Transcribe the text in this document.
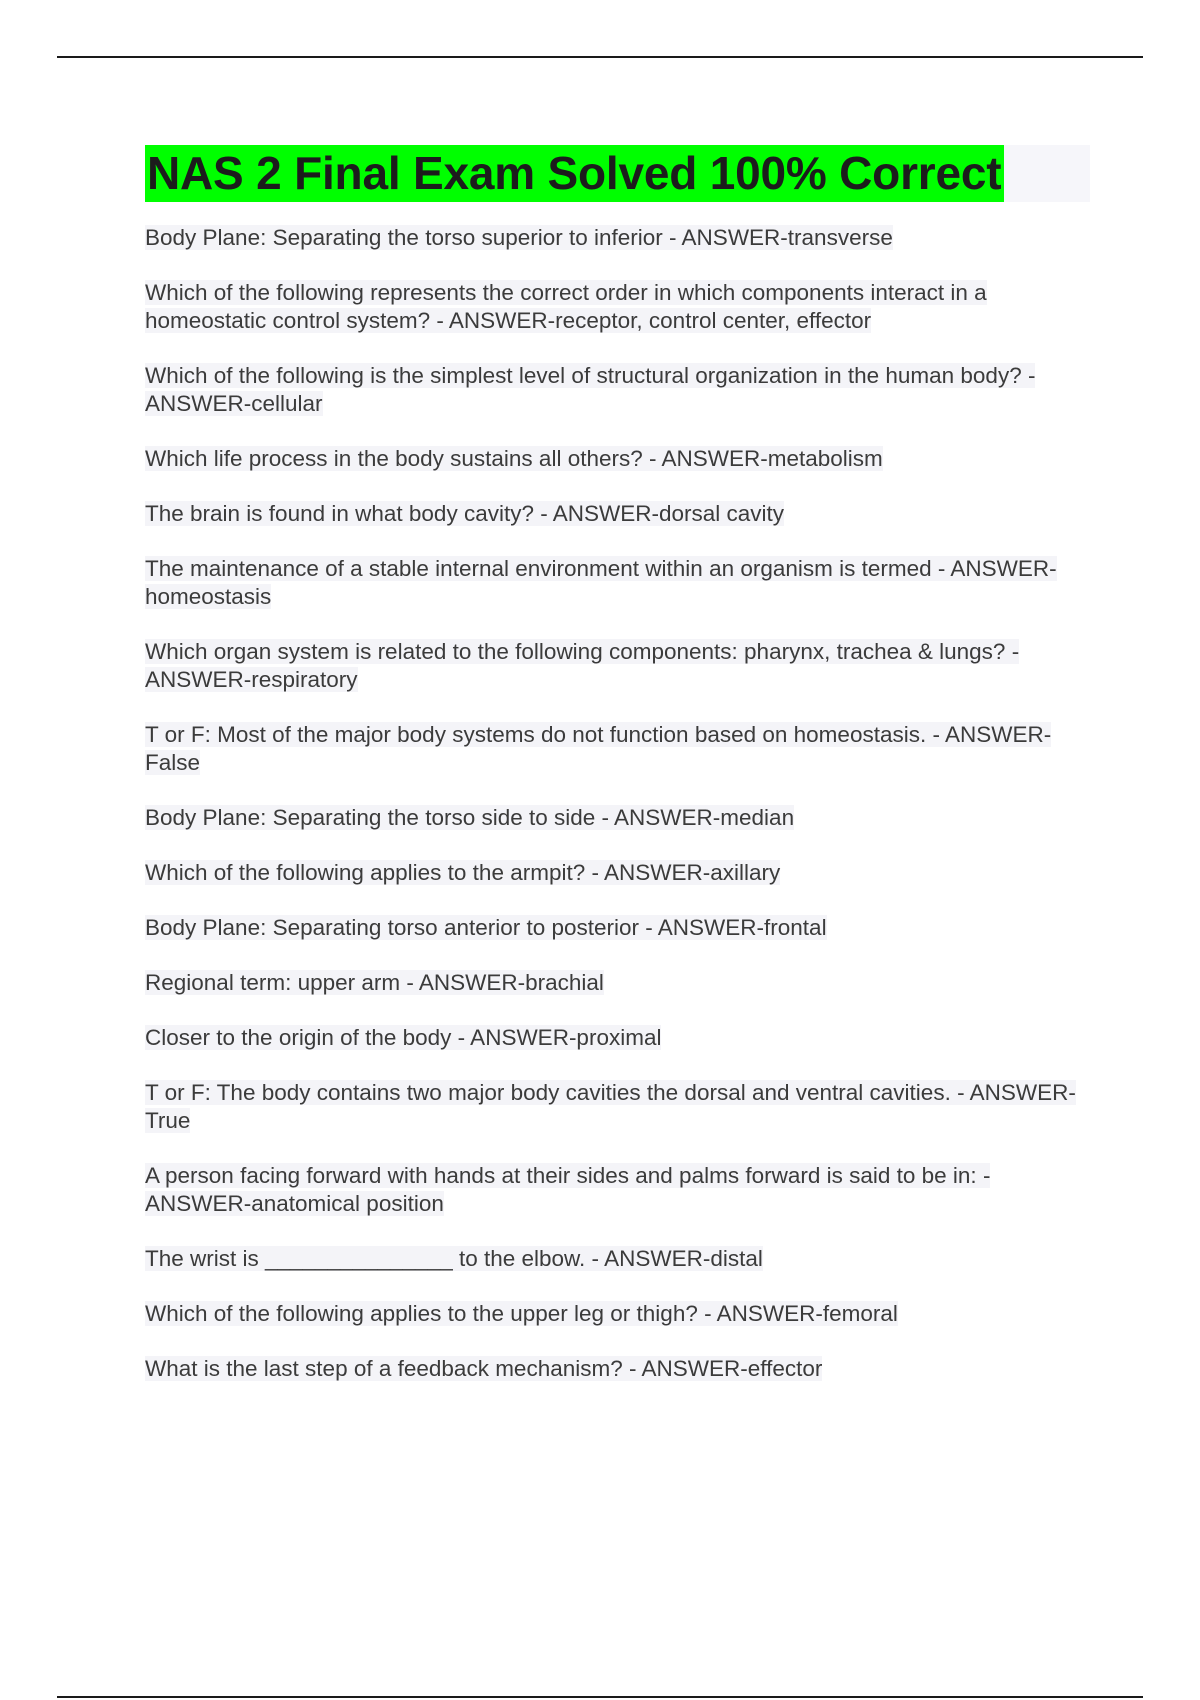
NAS 2 Final Exam Solved 100% Correct
Body Plane: Separating the torso superior to inferior - ANSWER-transverse
Which of the following represents the correct order in which components interact in a homeostatic control system? - ANSWER-receptor, control center, effector
Which of the following is the simplest level of structural organization in the human body? - ANSWER-cellular
Which life process in the body sustains all others? - ANSWER-metabolism
The brain is found in what body cavity? - ANSWER-dorsal cavity
The maintenance of a stable internal environment within an organism is termed - ANSWER-homeostasis
Which organ system is related to the following components: pharynx, trachea & lungs? - ANSWER-respiratory
T or F: Most of the major body systems do not function based on homeostasis. - ANSWER-False
Body Plane: Separating the torso side to side - ANSWER-median
Which of the following applies to the armpit? - ANSWER-axillary
Body Plane: Separating torso anterior to posterior - ANSWER-frontal
Regional term: upper arm - ANSWER-brachial
Closer to the origin of the body - ANSWER-proximal
T or F: The body contains two major body cavities the dorsal and ventral cavities. - ANSWER-True
A person facing forward with hands at their sides and palms forward is said to be in: - ANSWER-anatomical position
The wrist is _______________ to the elbow. - ANSWER-distal
Which of the following applies to the upper leg or thigh? - ANSWER-femoral
What is the last step of a feedback mechanism? - ANSWER-effector
